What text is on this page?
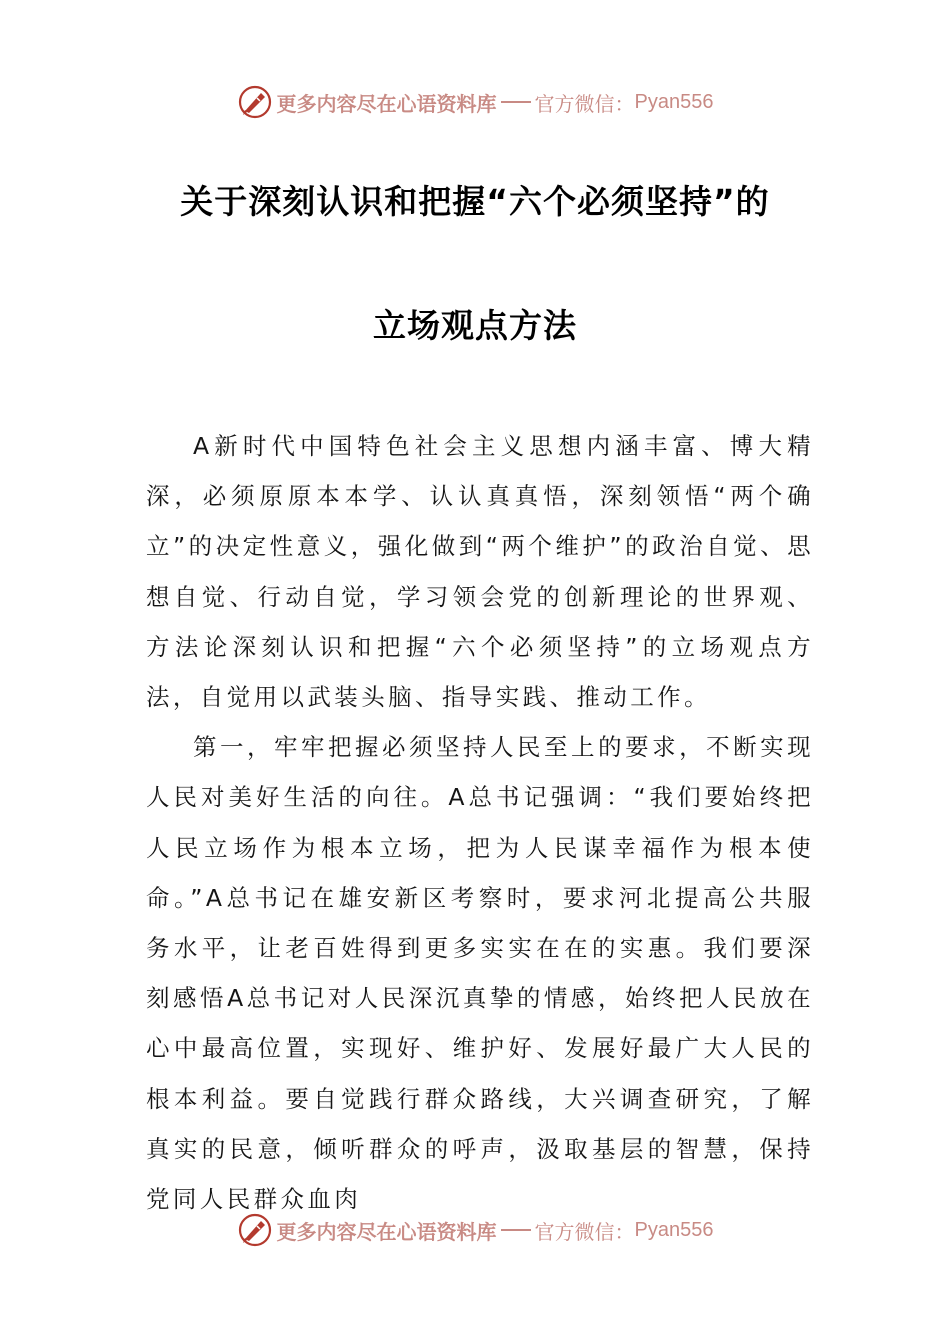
更多内容尽在心语资料库 官方微信： Pyan556
关于深刻认识和把握“六个必须坚持”的
立场观点方法

A新时代中国特色社会主义思想内涵丰富、博大精深，必须原原本本学、认认真真悟，深刻领悟“两个确立”的决定性意义，强化做到“两个维护”的政治自觉、思想自觉、行动自觉，学习领会党的创新理论的世界观、方法论深刻认识和把握“六个必须坚持”的立场观点方法，自觉用以武装头脑、指导实践、推动工作。

第一，牢牢把握必须坚持人民至上的要求，不断实现人民对美好生活的向往。A总书记强调：“我们要始终把人民立场作为根本立场，把为人民谋幸福作为根本使命。”A总书记在雄安新区考察时，要求河北提高公共服务水平，让老百姓得到更多实实在在的实惠。我们要深刻感悟A总书记对人民深沉真挚的情感，始终把人民放在心中最高位置，实现好、维护好、发展好最广大人民的根本利益。要自觉践行群众路线，大兴调查研究，了解真实的民意，倾听群众的呼声，汲取基层的智慧，保持党同人民群众血肉

更多内容尽在心语资料库 官方微信： Pyan556
